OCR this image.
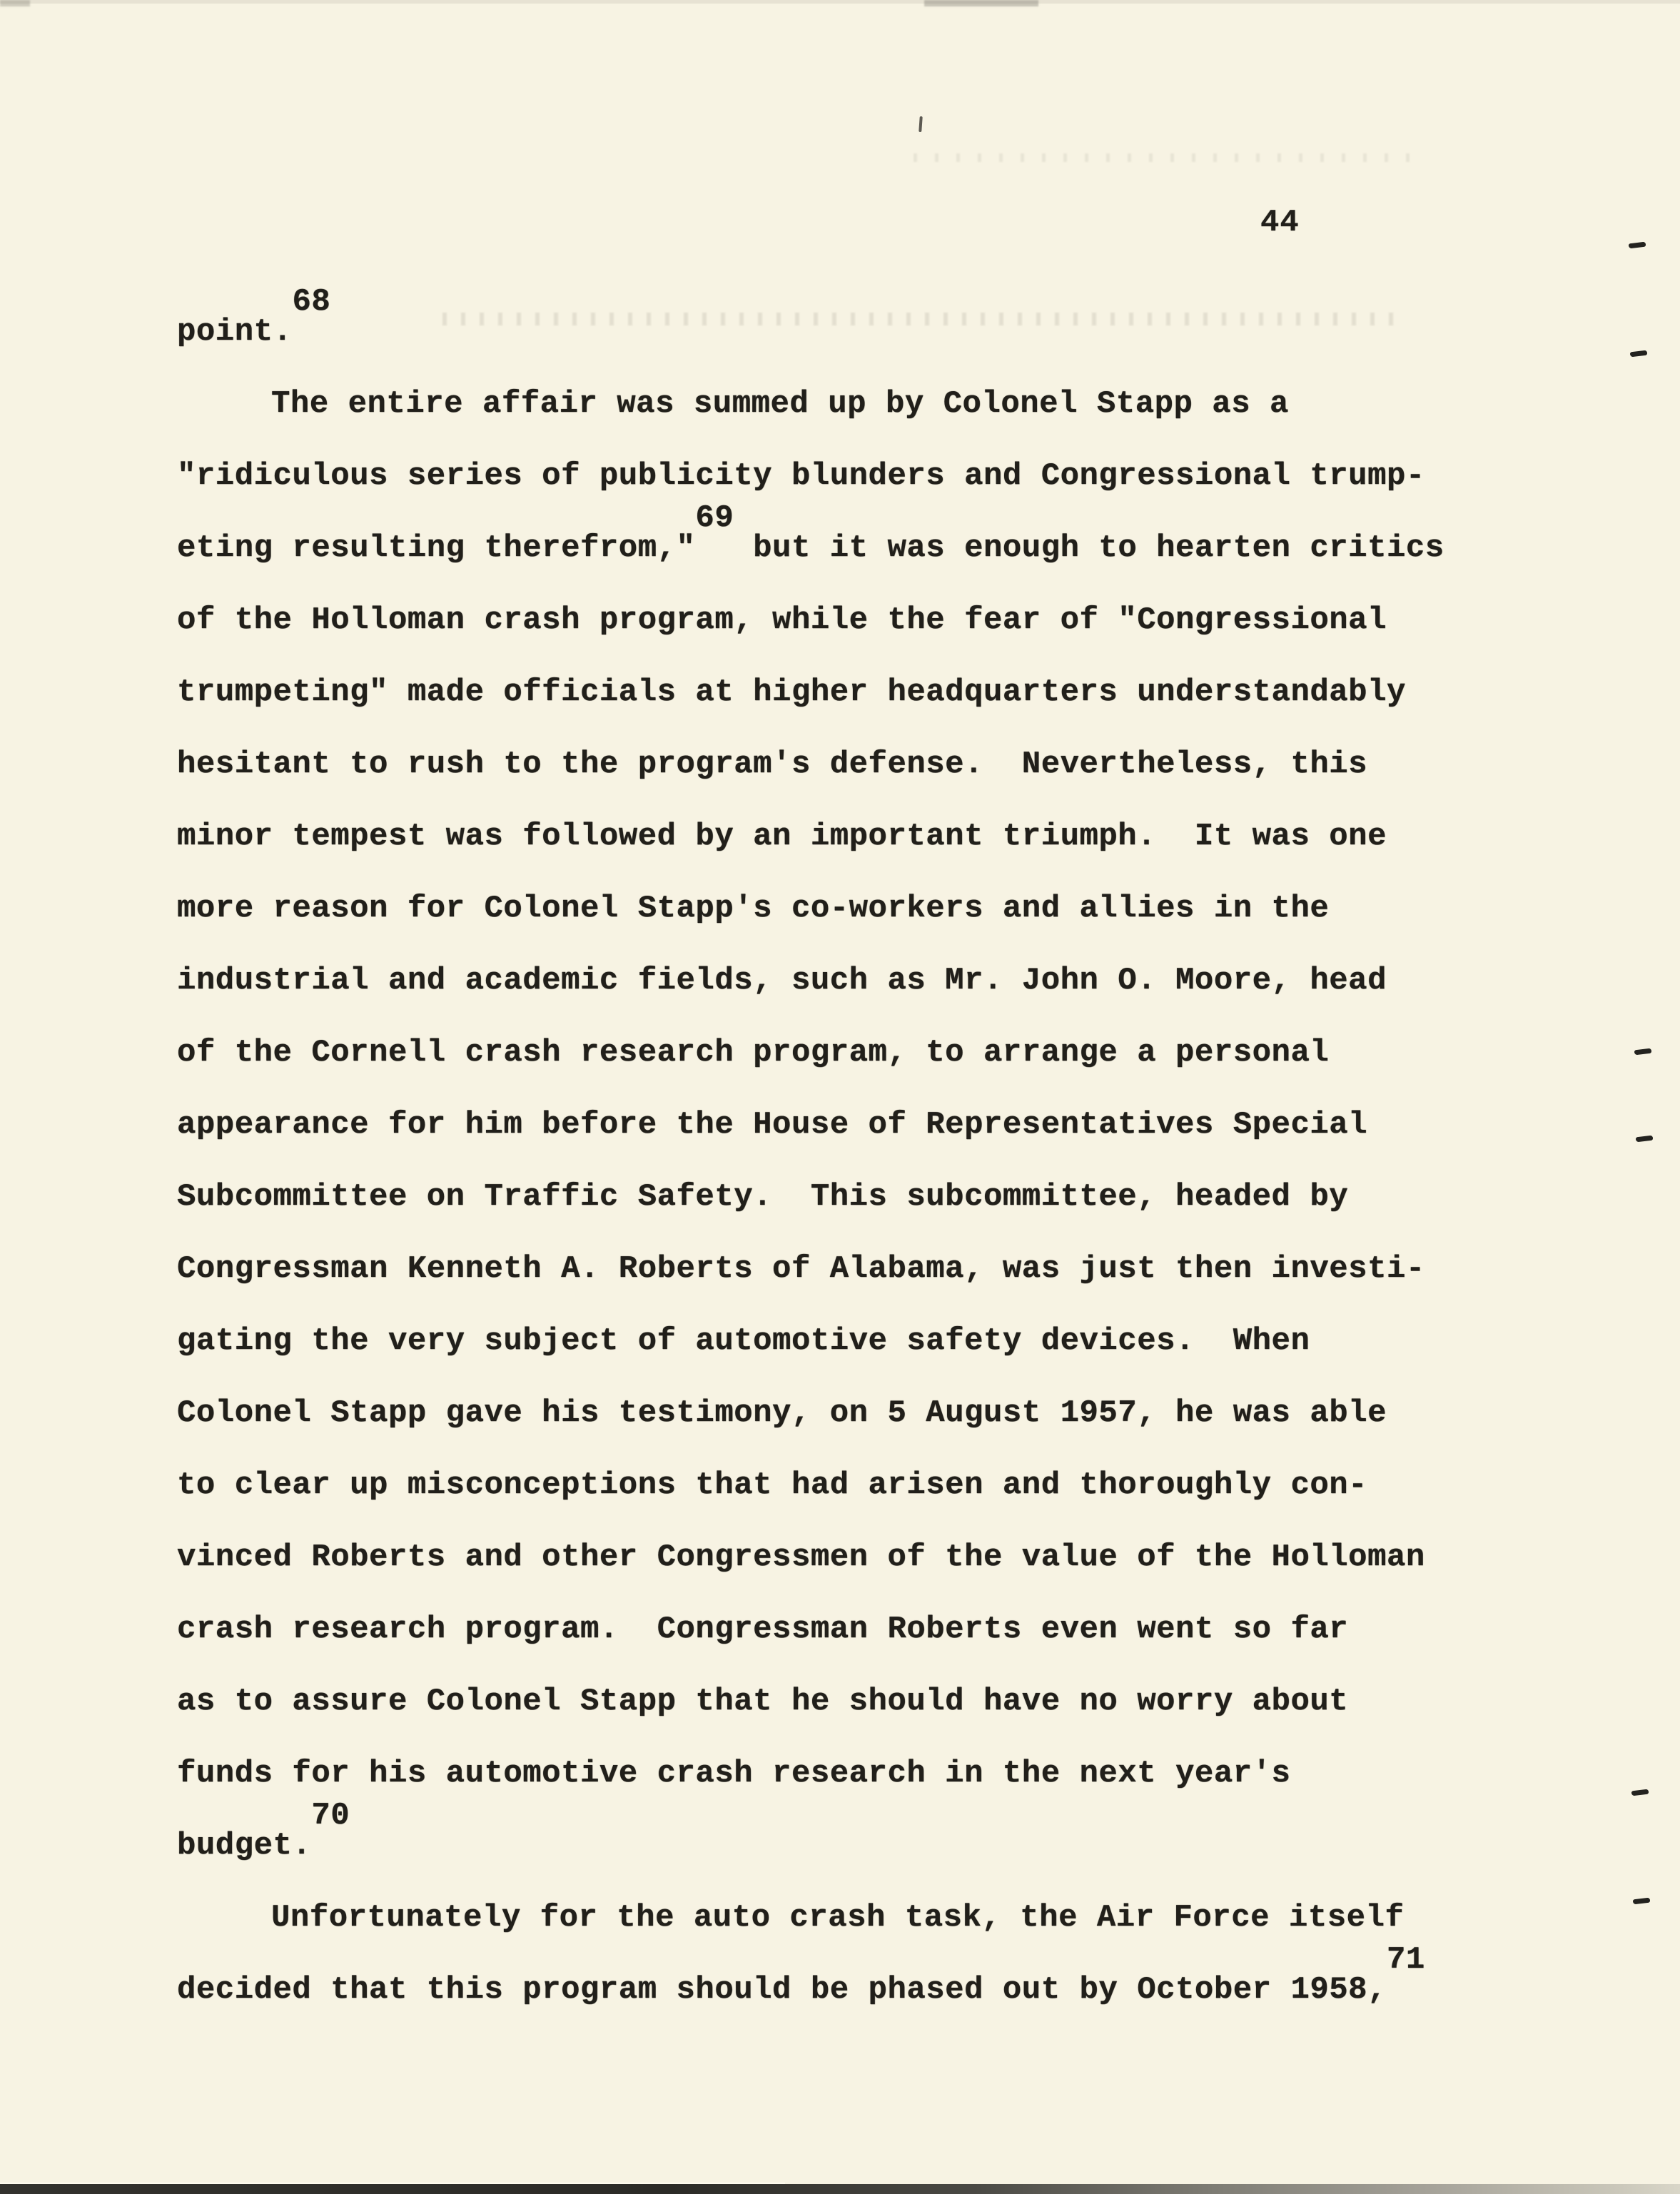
44
point.68
The entire affair was summed up by Colonel Stapp as a
"ridiculous series of publicity blunders and Congressional trump-
eting resulting therefrom,"69 but it was enough to hearten critics
of the Holloman crash program, while the fear of "Congressional
trumpeting" made officials at higher headquarters understandably
hesitant to rush to the program's defense.  Nevertheless, this
minor tempest was followed by an important triumph.  It was one
more reason for Colonel Stapp's co-workers and allies in the
industrial and academic fields, such as Mr. John O. Moore, head
of the Cornell crash research program, to arrange a personal
appearance for him before the House of Representatives Special
Subcommittee on Traffic Safety.  This subcommittee, headed by
Congressman Kenneth A. Roberts of Alabama, was just then investi-
gating the very subject of automotive safety devices.  When
Colonel Stapp gave his testimony, on 5 August 1957, he was able
to clear up misconceptions that had arisen and thoroughly con-
vinced Roberts and other Congressmen of the value of the Holloman
crash research program.  Congressman Roberts even went so far
as to assure Colonel Stapp that he should have no worry about
funds for his automotive crash research in the next year's
budget.70
Unfortunately for the auto crash task, the Air Force itself
decided that this program should be phased out by October 1958,71
